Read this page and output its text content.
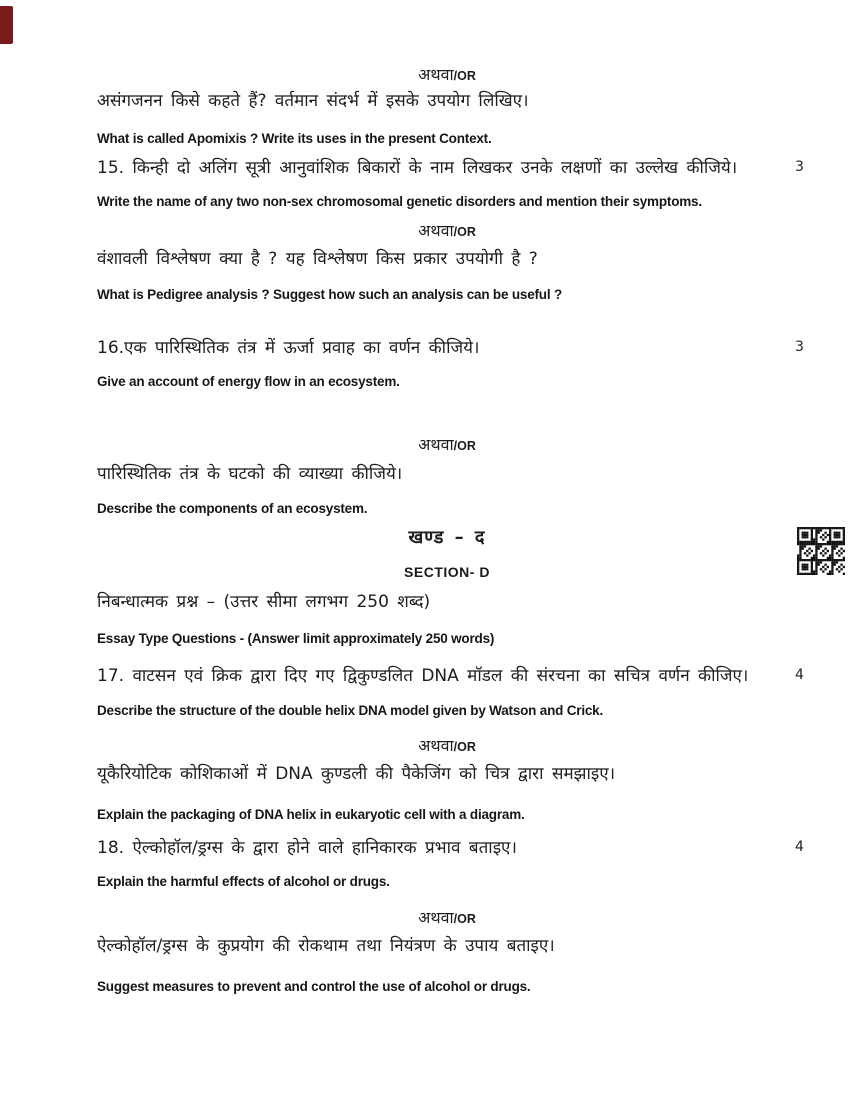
अथवा/OR
असंगजनन किसे कहते हैं? वर्तमान संदर्भ में इसके उपयोग लिखिए।
What is called Apomixis ? Write its uses in the present Context.
15. किन्ही दो अलिंग सूत्री आनुवांशिक बिकारों के नाम लिखकर उनके लक्षणों का उल्लेख कीजिये।	3
Write the name of any two non-sex chromosomal genetic disorders and mention their symptoms.
अथवा/OR
वंशावली विश्लेषण क्या है ? यह विश्लेषण किस प्रकार उपयोगी है ?
What is Pedigree analysis ? Suggest how such an analysis can be useful ?
16.एक पारिस्थितिक तंत्र में ऊर्जा प्रवाह का वर्णन कीजिये।	3
Give an account of energy flow in an ecosystem.
अथवा/OR
पारिस्थितिक तंत्र के घटको की व्याख्या कीजिये।
Describe the components of an ecosystem.
खण्ड – द
SECTION- D
निबन्धात्मक प्रश्न – (उत्तर सीमा लगभग 250 शब्द)
Essay Type Questions - (Answer limit approximately 250 words)
17. वाटसन एवं क्रिक द्वारा दिए गए द्विकुण्डलित DNA मॉडल की संरचना का सचित्र वर्णन कीजिए।	4
Describe the structure of the double helix DNA model given by Watson and Crick.
अथवा/OR
यूकैरियोटिक कोशिकाओं में DNA कुण्डली की पैकेजिंग को चित्र द्वारा समझाइए।
Explain the packaging of DNA helix in eukaryotic cell with a diagram.
18. ऐल्कोहॉल/ड्रग्स के द्वारा होने वाले हानिकारक प्रभाव बताइए।	4
Explain the harmful effects of alcohol or drugs.
अथवा/OR
ऐल्कोहॉल/ड्रग्स के कुप्रयोग की रोकथाम तथा नियंत्रण के उपाय बताइए।
Suggest measures to prevent and control the use of alcohol or drugs.
